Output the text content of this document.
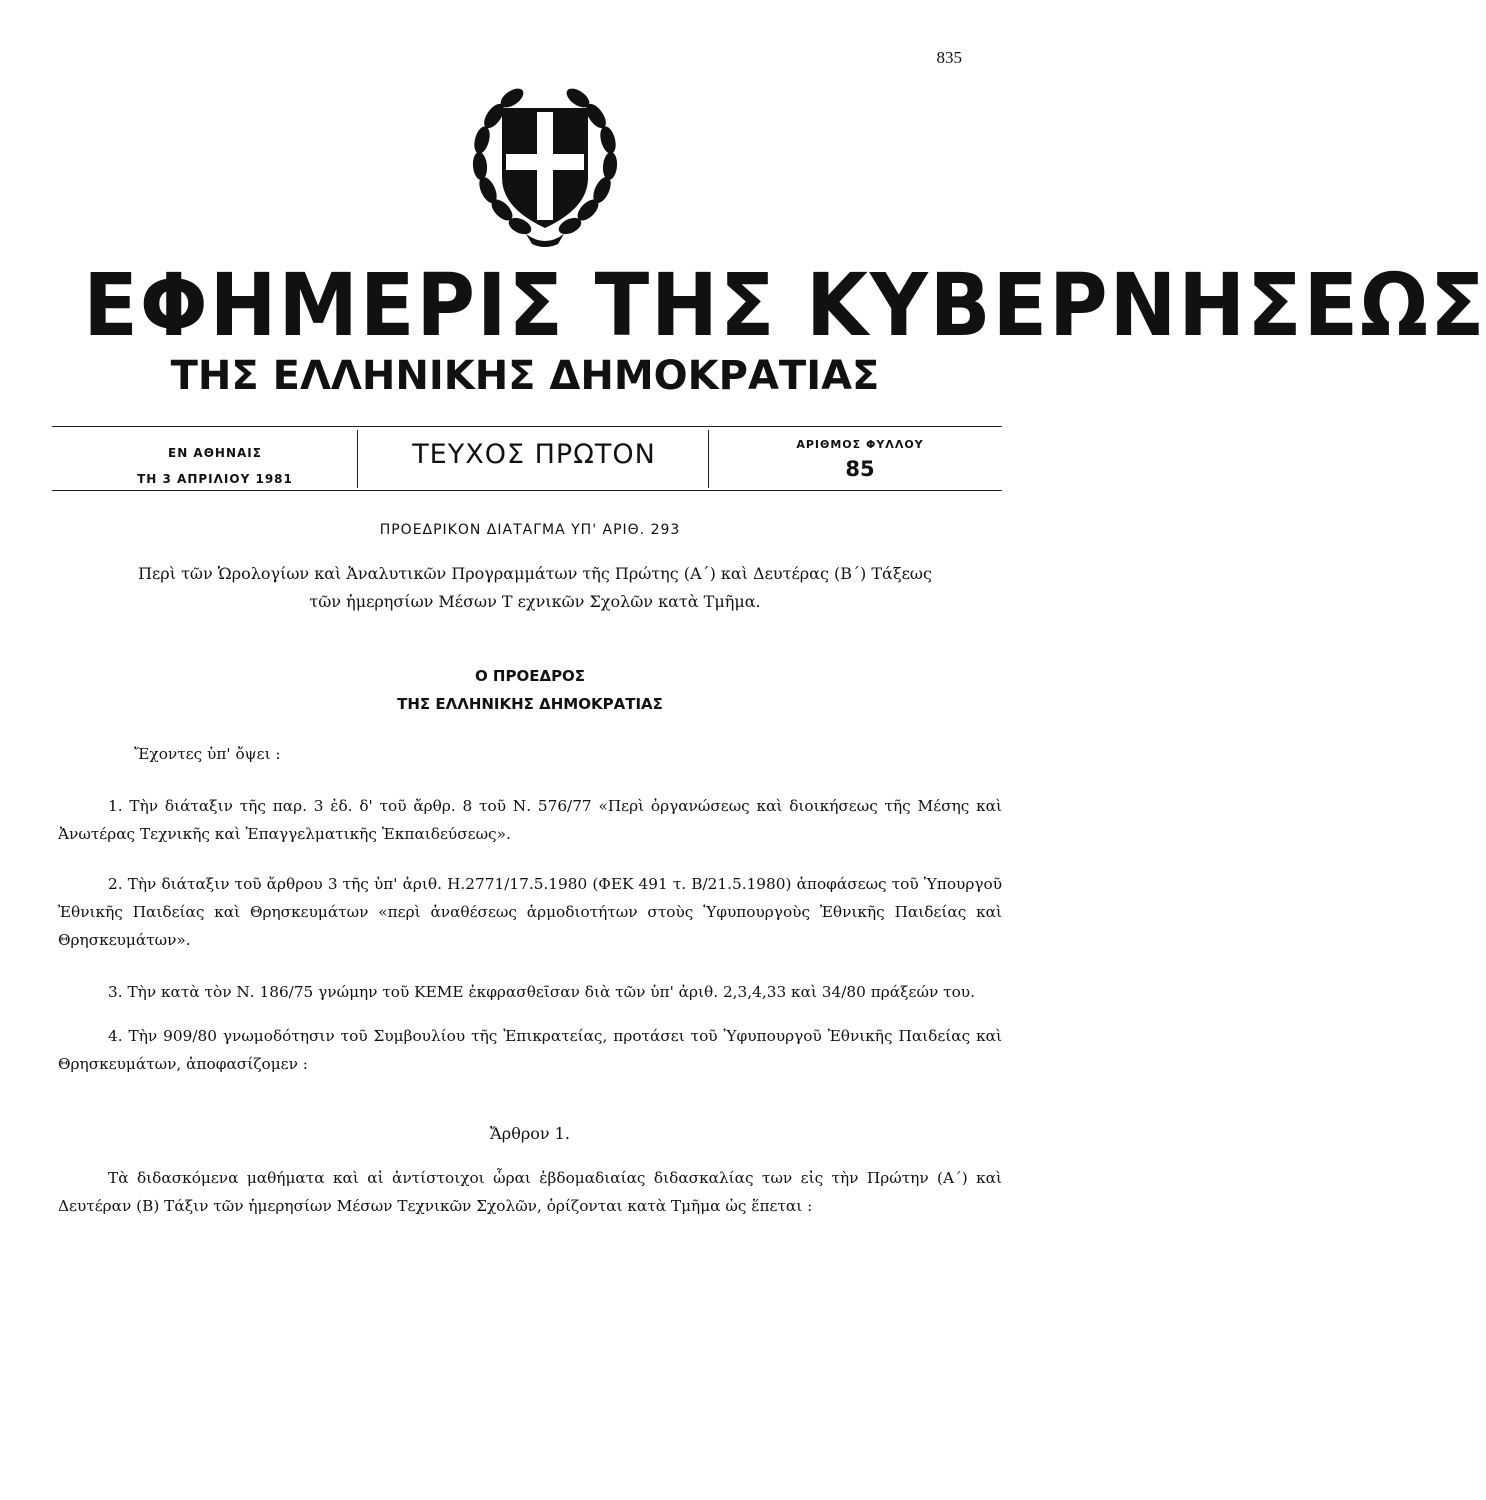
835
ΕΦΗΜΕΡΙΣ ΤΗΣ ΚΥΒΕΡΝΗΣΕΩΣ
ΤΗΣ ΕΛΛΗΝΙΚΗΣ ΔΗΜΟΚΡΑΤΙΑΣ
ΕΝ ΑΘΗΝΑΙΣ
ΤΗ 3 ΑΠΡΙΛΙΟΥ 1981
ΤΕΥΧΟΣ ΠΡΩΤΟΝ	ΑΡΙΘΜΟΣ ΦΥΛΛΟΥ
85
ΠΡΟΕΔΡΙΚΟΝ ΔΙΑΤΑΓΜΑ ΥΠ' ΑΡΙΘ. 293
Περὶ τῶν Ὡρολογίων καὶ Ἀναλυτικῶν Προγραμμάτων τῆς Πρώτης (Α΄) καὶ Δευτέρας (Β΄) Τάξεως
τῶν ἡμερησίων Μέσων Τ εχνικῶν Σχολῶν κατὰ Τμῆμα.
Ο ΠΡΟΕΔΡΟΣ
ΤΗΣ ΕΛΛΗΝΙΚΗΣ ΔΗΜΟΚΡΑΤΙΑΣ

Ἔχοντες ὑπ' ὄψει :

1. Τὴν διάταξιν τῆς παρ. 3 ἐδ. δ' τοῦ ἄρθρ. 8 τοῦ Ν. 576/77 «Περὶ ὀργανώσεως καὶ διοικήσεως τῆς Μέσης καὶ Ἀνωτέρας Τεχνικῆς καὶ Ἐπαγγελματικῆς Ἐκπαιδεύσεως».

2. Τὴν διάταξιν τοῦ ἄρθρου 3 τῆς ὑπ' ἀριθ. Η.2771/17.5.1980 (ΦΕΚ 491 τ. Β/21.5.1980) ἀποφάσεως τοῦ Ὑπουργοῦ Ἐθνικῆς Παιδείας καὶ Θρησκευμάτων «περὶ ἀναθέσεως ἁρμοδιοτήτων στοὺς Ὑφυπουργοὺς Ἐθνικῆς Παιδείας καὶ Θρησκευμάτων».

3. Τὴν κατὰ τὸν Ν. 186/75 γνώμην τοῦ ΚΕΜΕ ἐκφρασθεῖσαν διὰ τῶν ὑπ' ἀριθ. 2,3,4,33 καὶ 34/80 πράξεών του.

4. Τὴν 909/80 γνωμοδότησιν τοῦ Συμβουλίου τῆς Ἐπικρατείας, προτάσει τοῦ Ὑφυπουργοῦ Ἐθνικῆς Παιδείας καὶ Θρησκευμάτων, ἀποφασίζομεν :

Ἄρθρον 1.

Τὰ διδασκόμενα μαθήματα καὶ αἱ ἀντίστοιχοι ὧραι ἑβδομαδιαίας διδασκαλίας των εἰς τὴν Πρώτην (Α΄) καὶ Δευτέραν (Β) Τάξιν τῶν ἡμερησίων Μέσων Τεχνικῶν Σχολῶν, ὁρίζονται κατὰ Τμῆμα ὡς ἕπεται :
